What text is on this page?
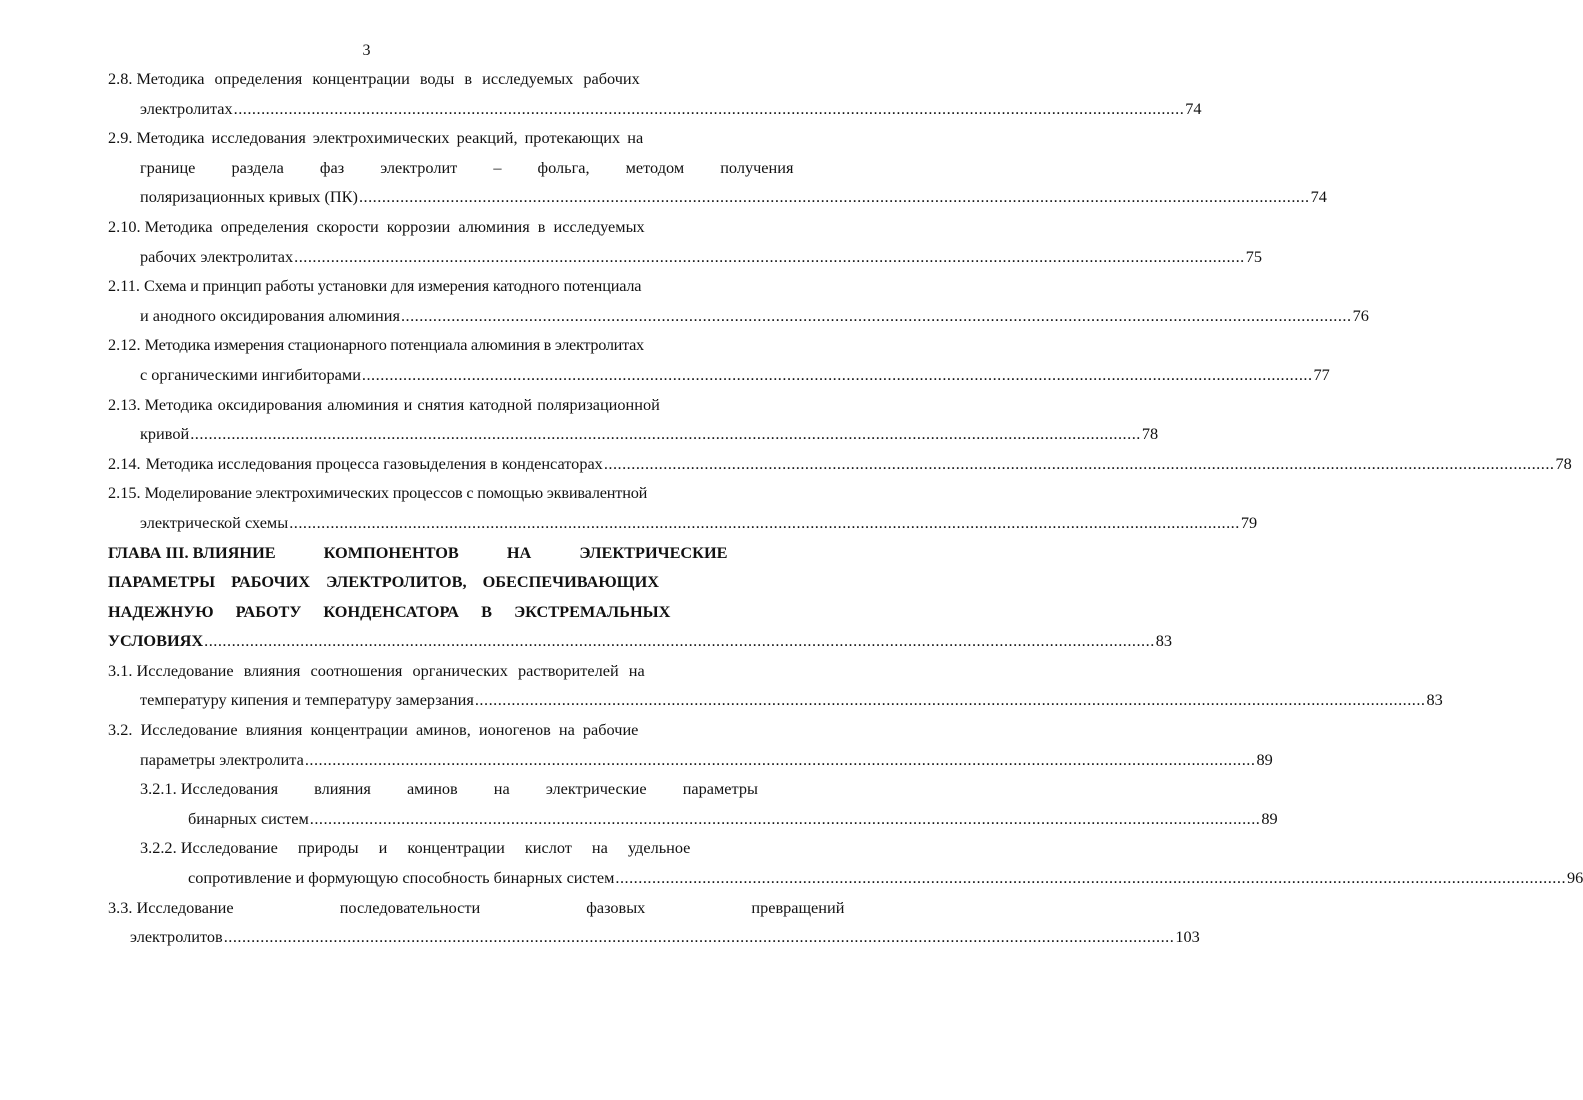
3
2.8. Методика определения концентрации воды в исследуемых рабочих
электролитах .....	74
2.9. Методика исследования электрохимических реакций, протекающих на
границе раздела фаз электролит – фольга, методом получения
поляризационных кривых (ПК) .....	74
2.10. Методика определения скорости коррозии алюминия в исследуемых
рабочих электролитах .....	75
2.11. Схема и принцип работы установки для измерения катодного потенциала
и анодного оксидирования алюминия .....	76
2.12. Методика измерения стационарного потенциала алюминия в электролитах
с органическими ингибиторами .....	77
2.13. Методика оксидирования алюминия и снятия катодной поляризационной
кривой .....	78
2.14. Методика исследования процесса газовыделения в конденсаторах .....	78
2.15. Моделирование электрохимических процессов с помощью эквивалентной
электрической схемы .....	79
ГЛАВА III. ВЛИЯНИЕ КОМПОНЕНТОВ НА ЭЛЕКТРИЧЕСКИЕ
ПАРАМЕТРЫ РАБОЧИХ ЭЛЕКТРОЛИТОВ, ОБЕСПЕЧИВАЮЩИХ
НАДЕЖНУЮ РАБОТУ КОНДЕНСАТОРА В ЭКСТРЕМАЛЬНЫХ
УСЛОВИЯХ .....	83
3.1. Исследование влияния соотношения органических растворителей на
температуру кипения и температуру замерзания .....	83
3.2. Исследование влияния концентрации аминов, ионогенов на рабочие
параметры электролита .....	89
3.2.1. Исследования влияния аминов на электрические параметры
бинарных систем .....	89
3.2.2. Исследование природы и концентрации кислот на удельное
сопротивление и формующую способность бинарных систем .....	96
3.3. Исследование последовательности фазовых превращений
электролитов .....	103
